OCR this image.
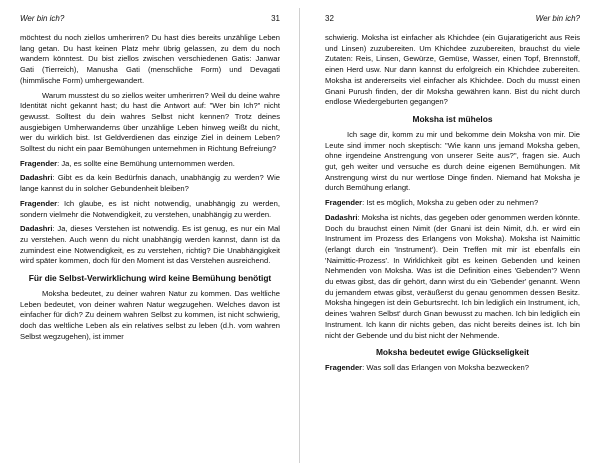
Wer bin ich?	31

möchtest du noch ziellos umherirren? Du hast dies bereits unzählige Leben lang getan. Du hast keinen Platz mehr übrig gelassen, zu dem du noch wandern könntest. Du bist ziellos zwischen verschiedenen Gatis: Janwar Gati (Tierreich), Manusha Gati (menschliche Form) und Devagati (himmlische Form) umhergewandert.

Warum musstest du so ziellos weiter umherirren? Weil du deine wahre Identität nicht gekannt hast; du hast die Antwort auf: "Wer bin Ich?" nicht gewusst. Solltest du dein wahres Selbst nicht kennen? Trotz deines ausgiebigen Umherwanderns über unzählige Leben hinweg weißt du nicht, wer du wirklich bist. Ist Geldverdienen das einzige Ziel in deinem Leben? Solltest du nicht ein paar Bemühungen unternehmen in Richtung Befreiung?

Fragender: Ja, es sollte eine Bemühung unternommen werden.

Dadashri: Gibt es da kein Bedürfnis danach, unabhängig zu werden? Wie lange kannst du in solcher Gebundenheit bleiben?

Fragender: Ich glaube, es ist nicht notwendig, unabhängig zu werden, sondern vielmehr die Notwendigkeit, zu verstehen, unabhängig zu werden.

Dadashri: Ja, dieses Verstehen ist notwendig. Es ist genug, es nur ein Mal zu verstehen. Auch wenn du nicht unabhängig werden kannst, dann ist da zumindest eine Notwendigkeit, es zu verstehen, richtig? Die Unabhängigkeit wird später kommen, doch für den Moment ist das Verstehen ausreichend.

Für die Selbst-Verwirklichung wird keine Bemühung benötigt

Moksha bedeutet, zu deiner wahren Natur zu kommen. Das weltliche Leben bedeutet, von deiner wahren Natur wegzugehen. Welches davon ist einfacher für dich? Zu deinem wahren Selbst zu kommen, ist nicht schwierig, doch das weltliche Leben als ein relatives selbst zu leben (d.h. vom wahren Selbst wegzugehen), ist immer

32	Wer bin ich?

schwierig. Moksha ist einfacher als Khichdee (ein Gujaratigericht aus Reis und Linsen) zuzubereiten. Um Khichdee zuzubereiten, brauchst du viele Zutaten: Reis, Linsen, Gewürze, Gemüse, Wasser, einen Topf, Brennstoff, einen Herd usw. Nur dann kannst du erfolgreich ein Khichdee zubereiten. Moksha ist andererseits viel einfacher als Khichdee. Doch du musst einen Gnani Purush finden, der dir Moksha gewähren kann. Bist du nicht durch endlose Wiedergeburten gegangen?

Moksha ist mühelos

Ich sage dir, komm zu mir und bekomme dein Moksha von mir. Die Leute sind immer noch skeptisch: "Wie kann uns jemand Moksha geben, ohne irgendeine Anstrengung von unserer Seite aus?", fragen sie. Auch gut, geh weiter und versuche es durch deine eigenen Bemühungen. Mit Anstrengung wirst du nur wertlose Dinge finden. Niemand hat Moksha je durch Bemühung erlangt.

Fragender: Ist es möglich, Moksha zu geben oder zu nehmen?

Dadashri: Moksha ist nichts, das gegeben oder genommen werden könnte. Doch du brauchst einen Nimit (der Gnani ist dein Nimit, d.h. er wird ein Instrument im Prozess des Erlangens von Moksha). Moksha ist Naimittic (erlangt durch ein 'Instrument'). Dein Treffen mit mir ist ebenfalls ein 'Naimittic-Prozess'. In Wirklichkeit gibt es keinen Gebenden und keinen Nehmenden von Moksha. Was ist die Definition eines 'Gebenden'? Wenn du etwas gibst, das dir gehört, dann wirst du ein 'Gebender' genannt. Wenn du jemandem etwas gibst, veräußerst du genau genommen dessen Besitz. Moksha hingegen ist dein Geburtsrecht. Ich bin lediglich ein Instrument, ich, deines 'wahren Selbst' durch Gnan bewusst zu machen. Ich bin lediglich ein Instrument. Ich kann dir nichts geben, das nicht bereits deines ist. Ich bin nicht der Gebende und du bist nicht der Nehmende.

Moksha bedeutet ewige Glückseligkeit

Fragender: Was soll das Erlangen von Moksha bezwecken?
